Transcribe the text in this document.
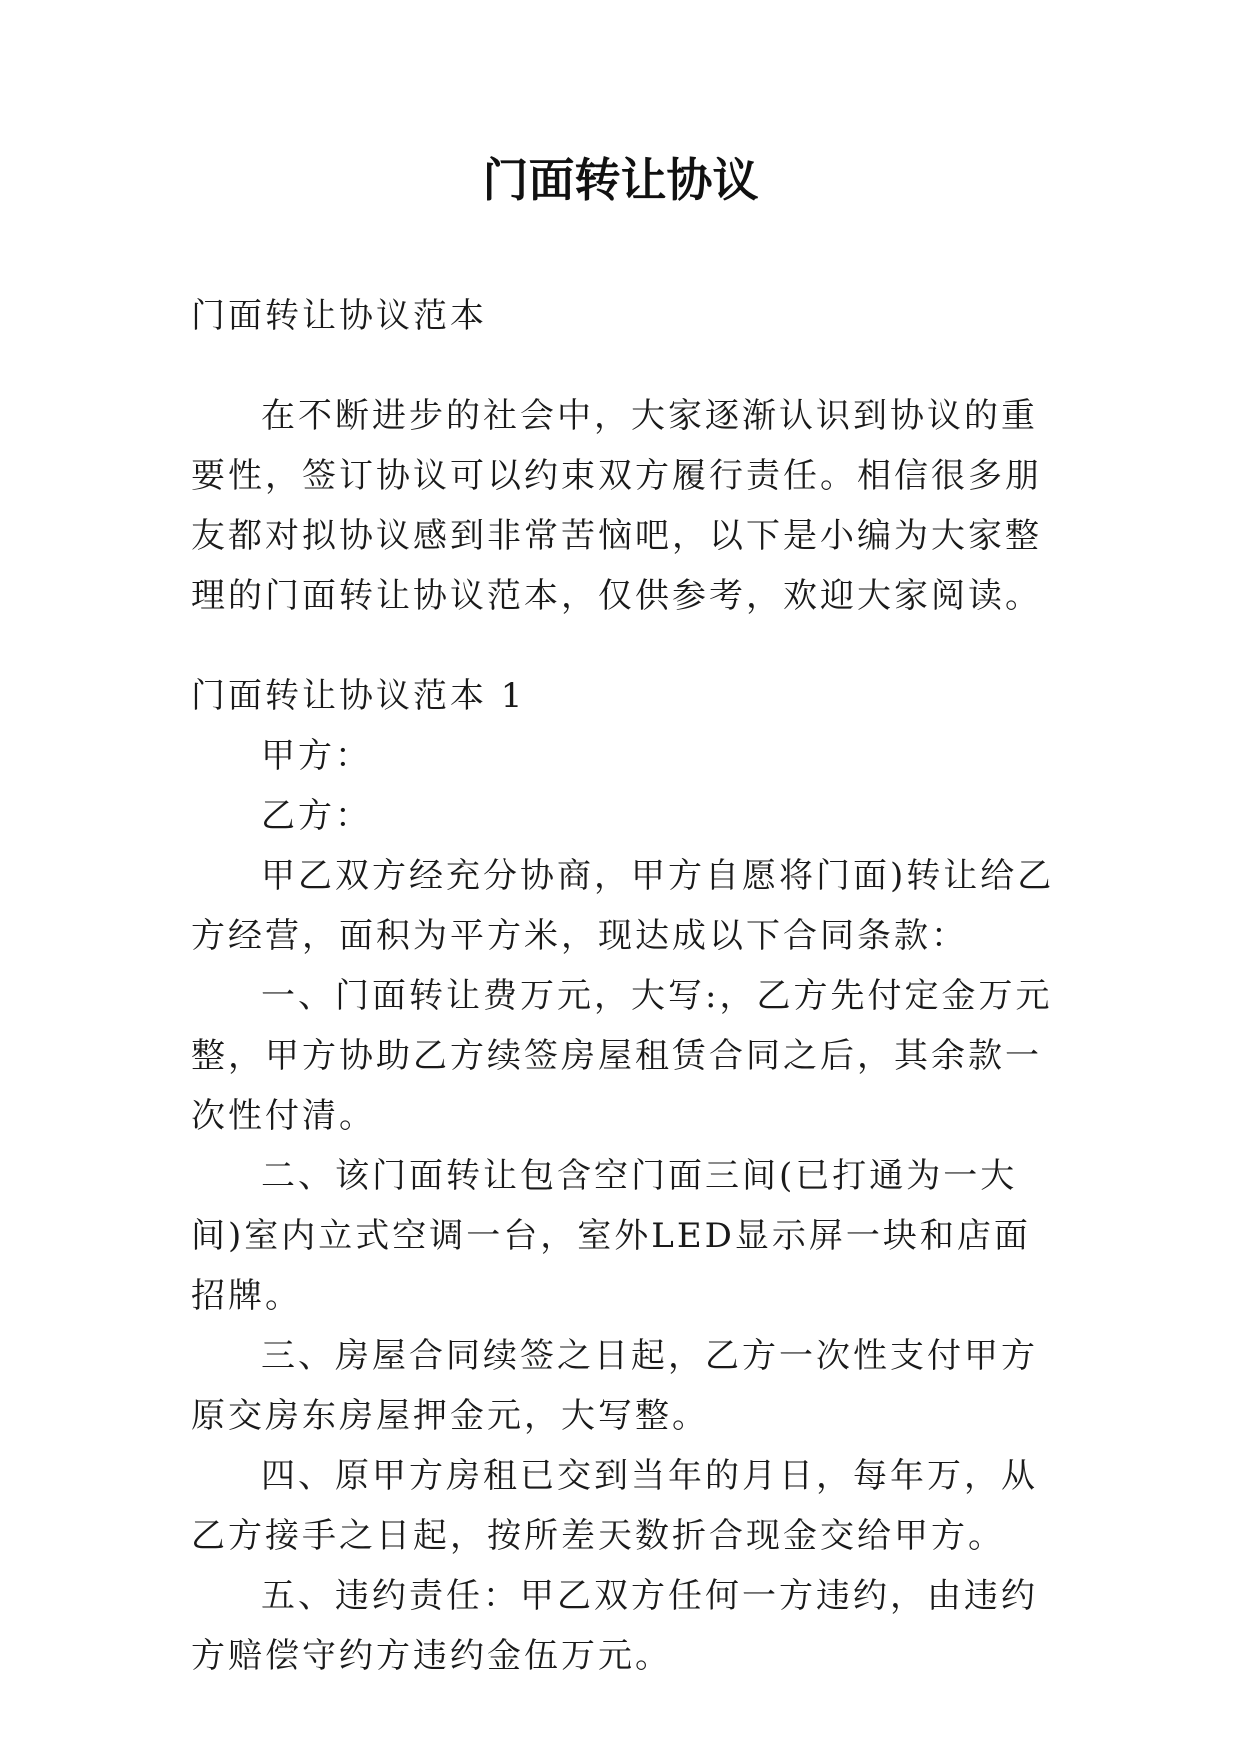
门面转让协议

门面转让协议范本

在不断进步的社会中，大家逐渐认识到协议的重要性，签订协议可以约束双方履行责任。相信很多朋友都对拟协议感到非常苦恼吧，以下是小编为大家整理的门面转让协议范本，仅供参考，欢迎大家阅读。

门面转让协议范本 1

甲方：

乙方：

甲乙双方经充分协商，甲方自愿将门面)转让给乙方经营，面积为平方米，现达成以下合同条款：

一、门面转让费万元，大写:，乙方先付定金万元整，甲方协助乙方续签房屋租赁合同之后，其余款一次性付清。

二、该门面转让包含空门面三间(已打通为一大间)室内立式空调一台，室外LED显示屏一块和店面招牌。

三、房屋合同续签之日起，乙方一次性支付甲方原交房东房屋押金元，大写整。

四、原甲方房租已交到当年的月日，每年万，从乙方接手之日起，按所差天数折合现金交给甲方。

五、违约责任：甲乙双方任何一方违约，由违约方赔偿守约方违约金伍万元。
